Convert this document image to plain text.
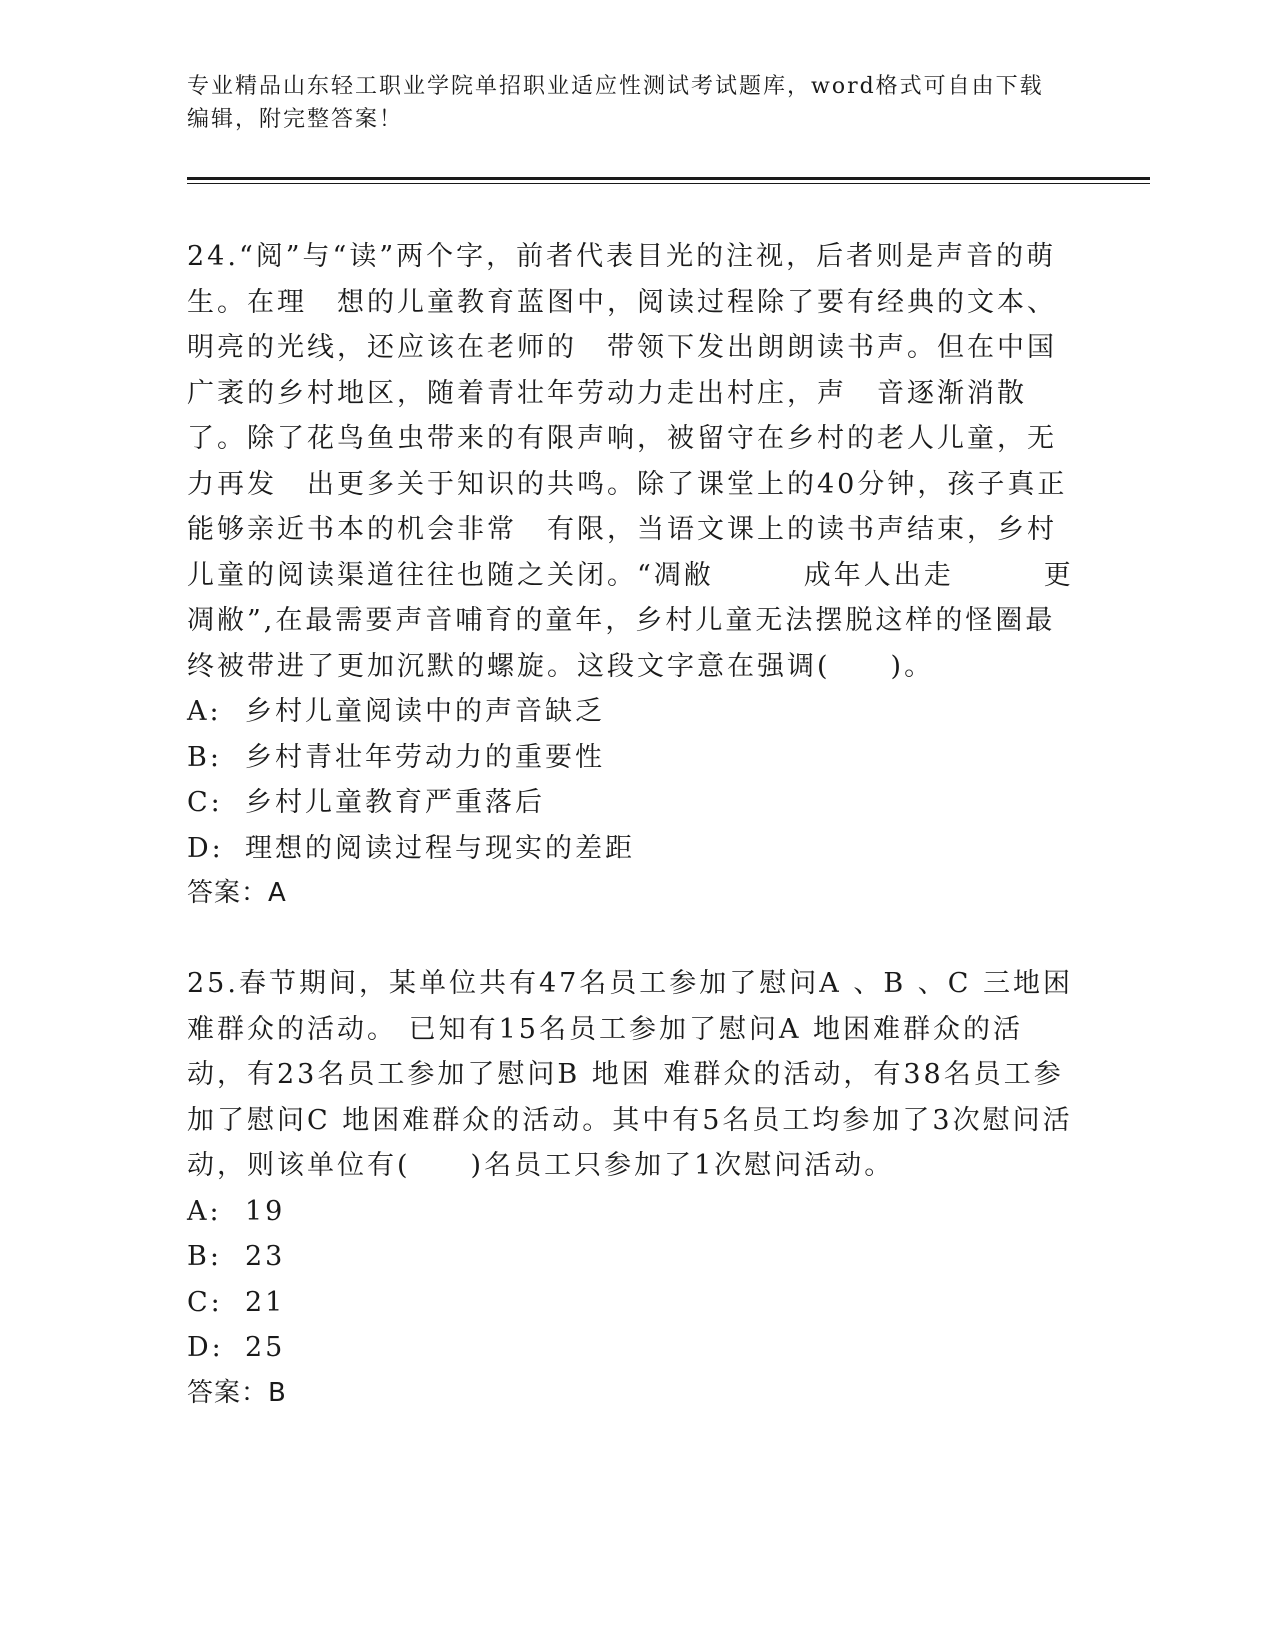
专业精品山东轻工职业学院单招职业适应性测试考试题库，word格式可自由下载编辑，附完整答案！

24.“阅”与“读”两个字，前者代表目光的注视，后者则是声音的萌生。在理　想的儿童教育蓝图中，阅读过程除了要有经典的文本、明亮的光线，还应该在老师的　带领下发出朗朗读书声。但在中国广袤的乡村地区，随着青壮年劳动力走出村庄，声　音逐渐消散了。除了花鸟鱼虫带来的有限声响，被留守在乡村的老人儿童，无力再发　出更多关于知识的共鸣。除了课堂上的40分钟，孩子真正能够亲近书本的机会非常　有限，当语文课上的读书声结束，乡村儿童的阅读渠道往往也随之关闭。“凋敝　　　成年人出走　　　更凋敝”,在最需要声音哺育的童年，乡村儿童无法摆脱这样的怪圈最终被带进了更加沉默的螺旋。这段文字意在强调(　　)。

A: 乡村儿童阅读中的声音缺乏

B: 乡村青壮年劳动力的重要性

C: 乡村儿童教育严重落后

D: 理想的阅读过程与现实的差距

答案：A

25.春节期间，某单位共有47名员工参加了慰问A 、B 、C 三地困难群众的活动。 已知有15名员工参加了慰问A 地困难群众的活动，有23名员工参加了慰问B 地困 难群众的活动，有38名员工参加了慰问C 地困难群众的活动。其中有5名员工均参加了3次慰问活动，则该单位有(　　)名员工只参加了1次慰问活动。

A: 19

B: 23

C: 21

D: 25

答案：B
